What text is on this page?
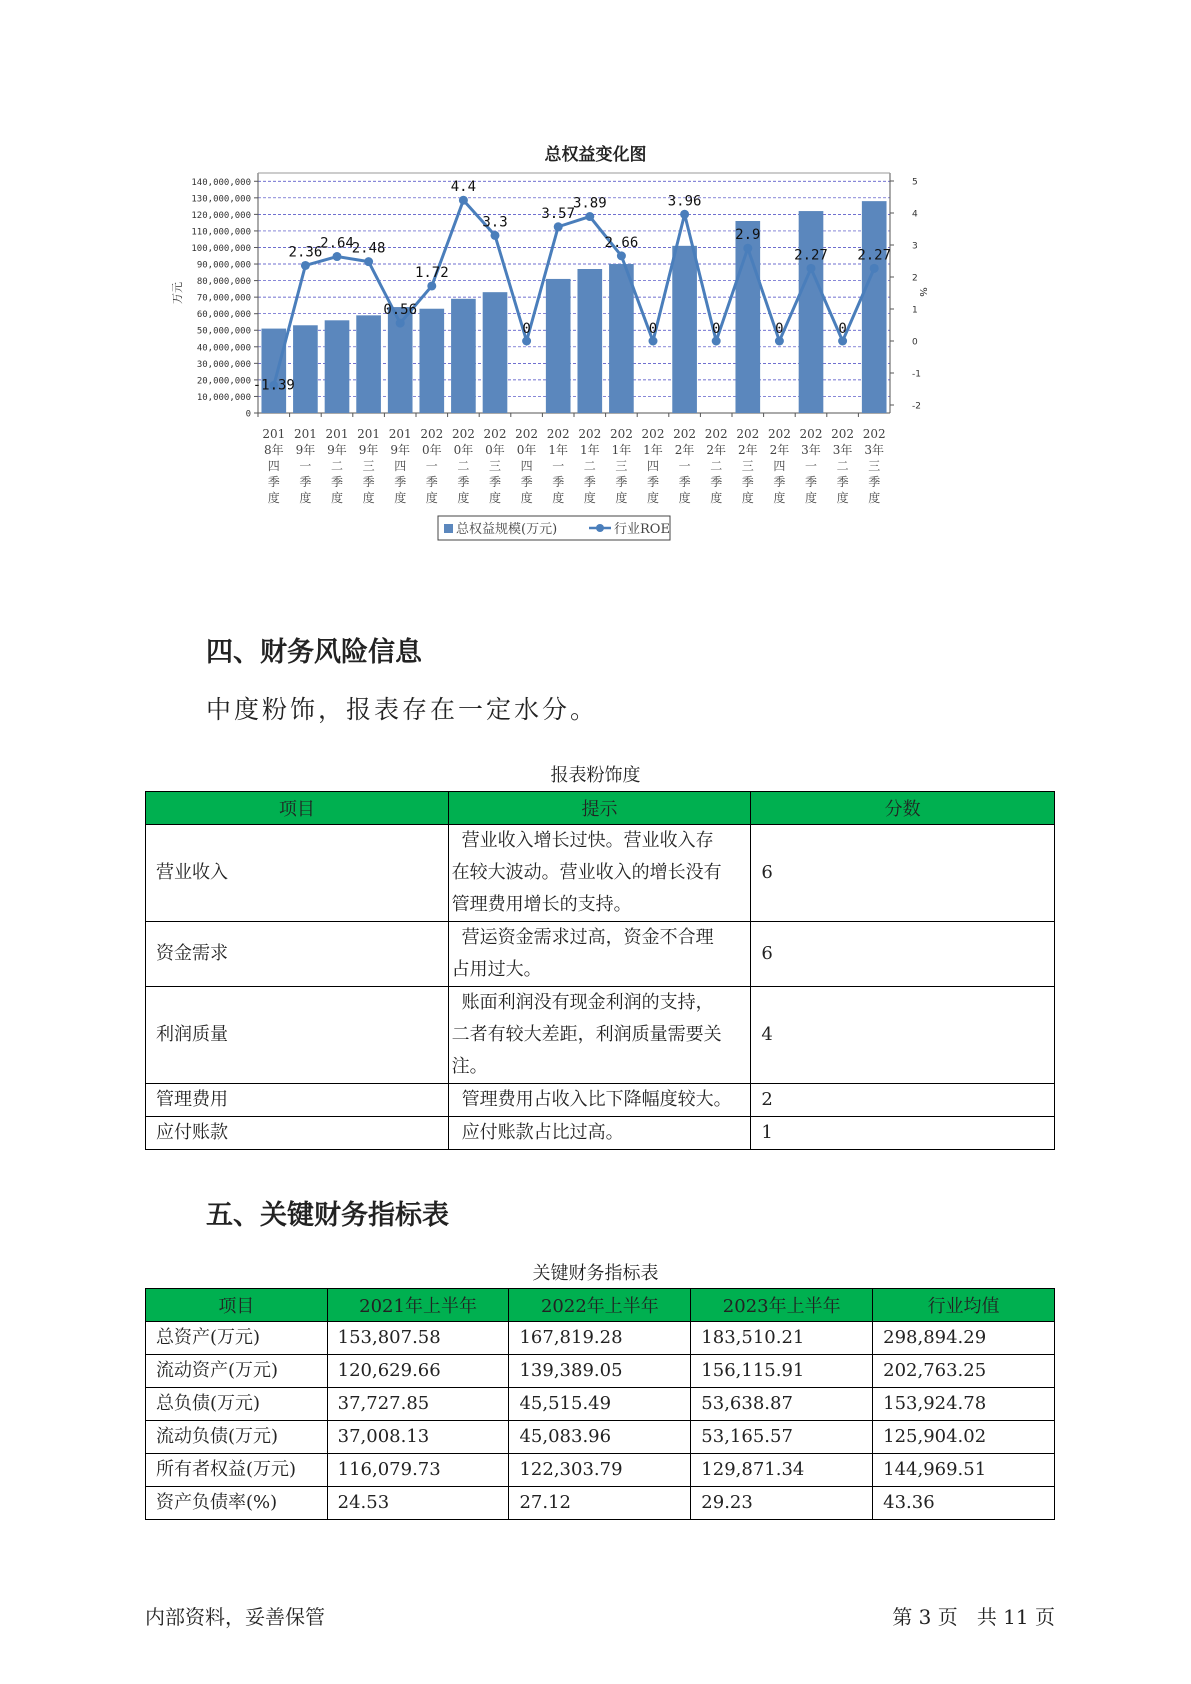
总权益变化图
140,000,000
130,000,000
120,000,000
110,000,000
100,000,000
90,000,000
80,000,000
70,000,000
60,000,000
50,000,000
40,000,000
30,000,000
20,000,000
10,000,000
0
5
4
3
2
1
0
-1
-2
万元	%
-1.39
2.36
2.64
2.48
0.56
1.72
4.4
3.3
0
3.57
3.89
2.66
0
3.96
0
2.9
0
2.27
0
2.27
201
8年
四
季
度
201
9年
一
季
度
201
9年
二
季
度
201
9年
三
季
度
201
9年
四
季
度
202
0年
一
季
度
202
0年
二
季
度
202
0年
三
季
度
202
0年
四
季
度
202
1年
一
季
度
202
1年
二
季
度
202
1年
三
季
度
202
1年
四
季
度
202
2年
一
季
度
202
2年
二
季
度
202
2年
三
季
度
202
2年
四
季
度
202
3年
一
季
度
202
3年
二
季
度
202
3年
三
季
度
总权益规模(万元)	行业ROE
四、财务风险信息
中度粉饰，报表存在一定水分。
报表粉饰度
项目	提示	分数
营业收入	营业收入增长过快。营业收入存
在较大波动。营业收入的增长没有
管理费用增长的支持。	6
资金需求	营运资金需求过高，资金不合理
占用过大。	6
利润质量	账面利润没有现金利润的支持，
二者有较大差距，利润质量需要关
注。	4
管理费用	管理费用占收入比下降幅度较大。	2
应付账款	应付账款占比过高。	1
五、关键财务指标表
关键财务指标表
项目	2021年上半年	2022年上半年	2023年上半年	行业均值
总资产(万元)	153,807.58	167,819.28	183,510.21	298,894.29
流动资产(万元)	120,629.66	139,389.05	156,115.91	202,763.25
总负债(万元)	37,727.85	45,515.49	53,638.87	153,924.78
流动负债(万元)	37,008.13	45,083.96	53,165.57	125,904.02
所有者权益(万元)	116,079.73	122,303.79	129,871.34	144,969.51
资产负债率(%)	24.53	27.12	29.23	43.36
内部资料，妥善保管	第 3 页   共 11 页
